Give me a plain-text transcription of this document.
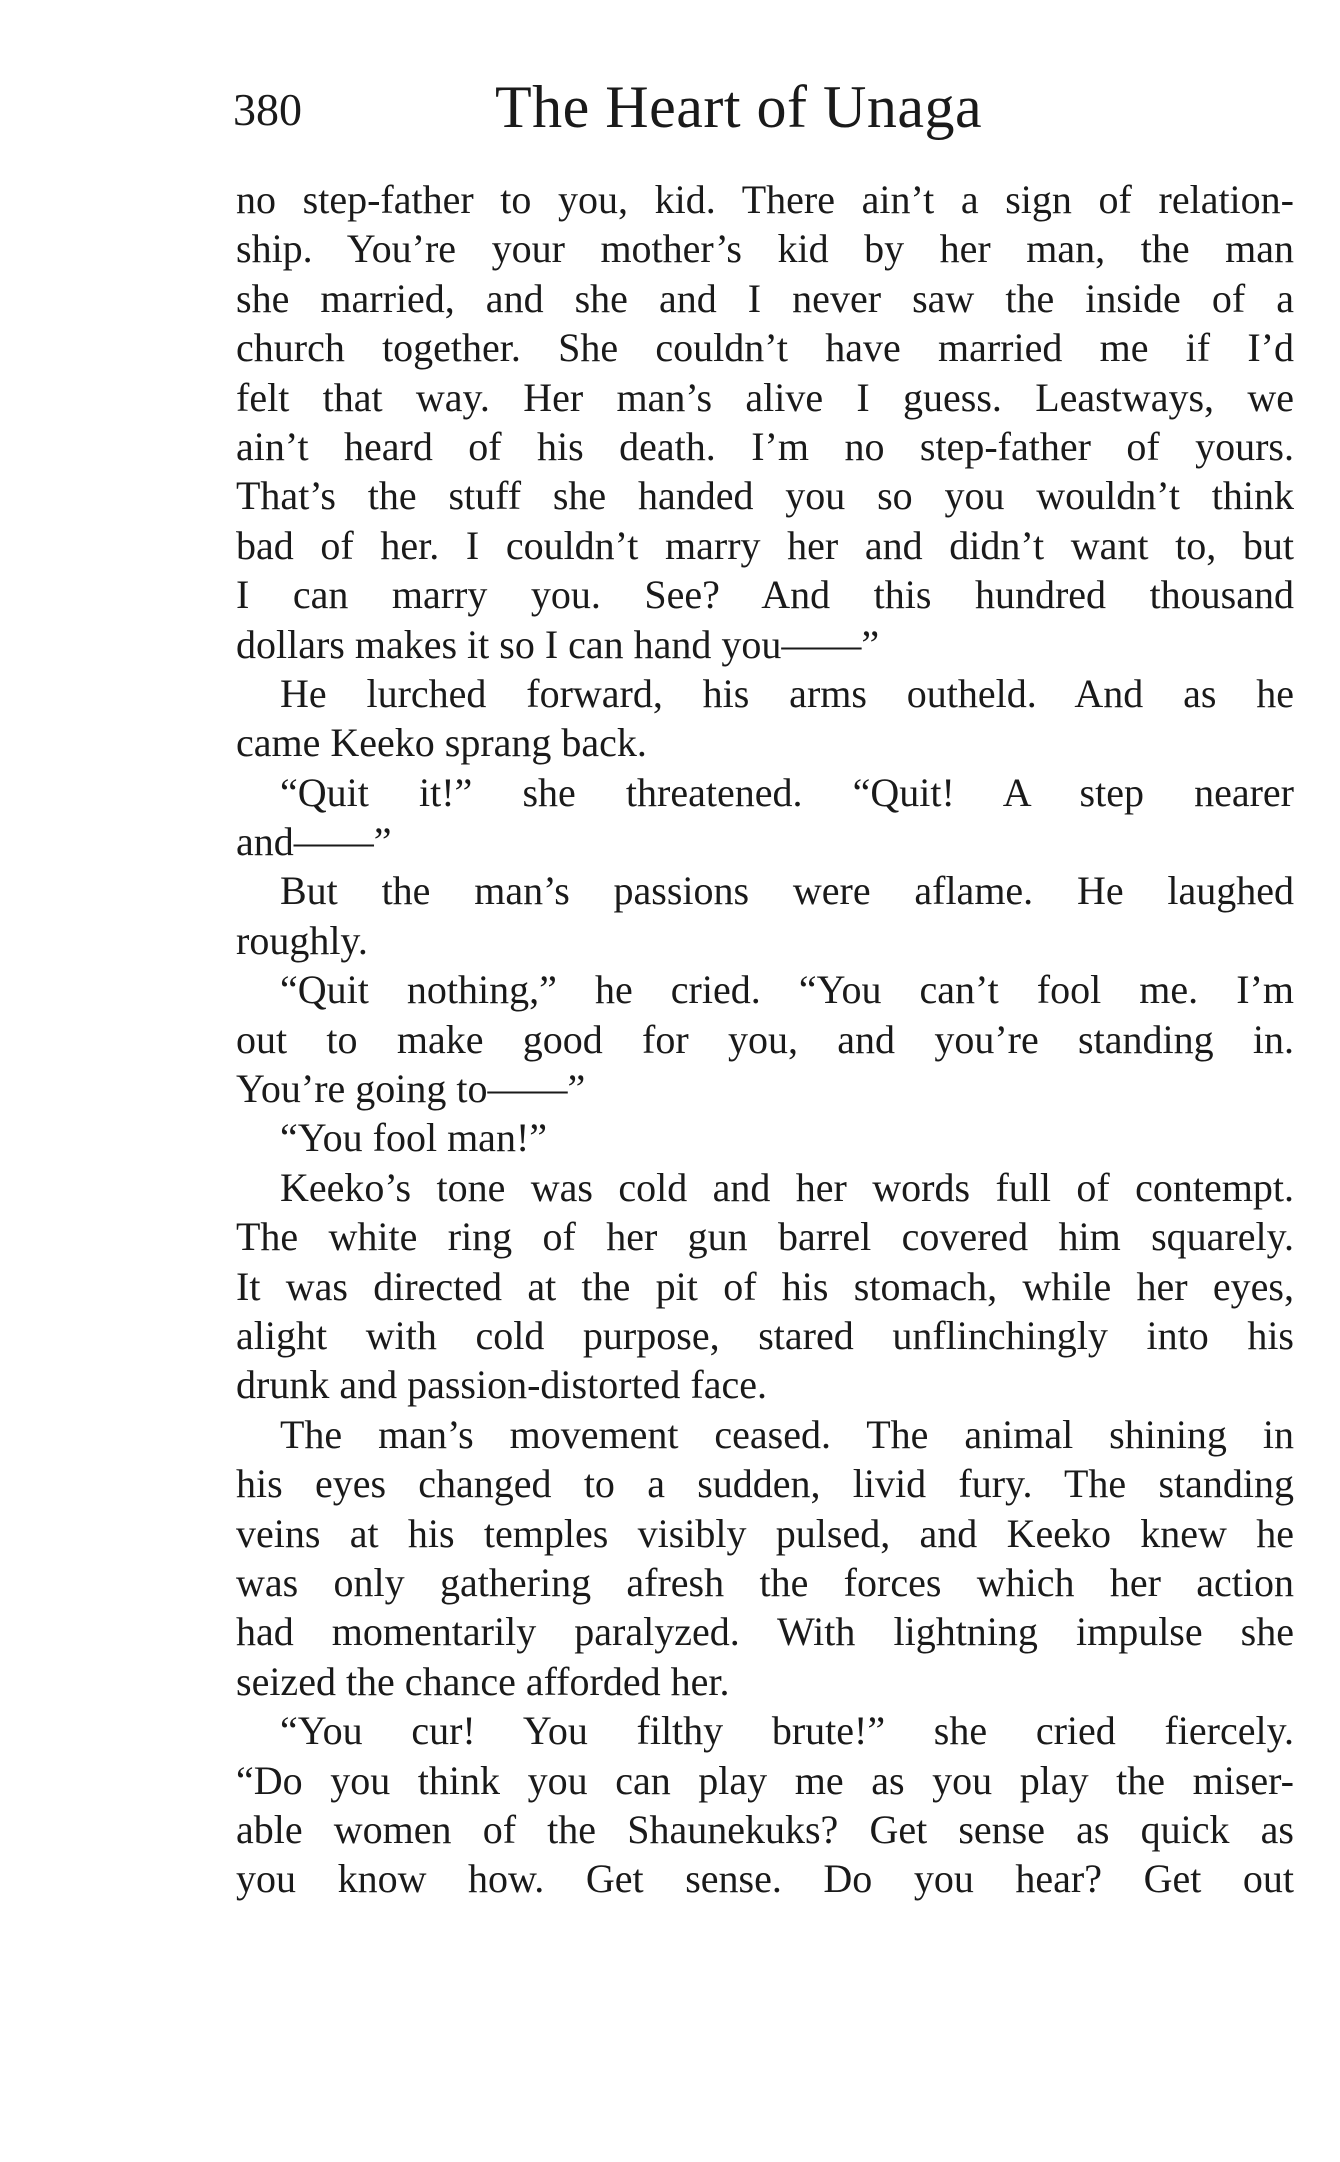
380	The Heart of Unaga
no step-father to you, kid. There ain’t a sign of relation-
ship. You’re your mother’s kid by her man, the man
she married, and she and I never saw the inside of a
church together. She couldn’t have married me if I’d
felt that way. Her man’s alive I guess. Leastways, we
ain’t heard of his death. I’m no step-father of yours.
That’s the stuff she handed you so you wouldn’t think
bad of her. I couldn’t marry her and didn’t want to, but
I can marry you. See? And this hundred thousand
dollars makes it so I can hand you——”
He lurched forward, his arms outheld. And as he
came Keeko sprang back.
“Quit it!” she threatened. “Quit! A step nearer
and——”
But the man’s passions were aflame. He laughed
roughly.
“Quit nothing,” he cried. “You can’t fool me. I’m
out to make good for you, and you’re standing in.
You’re going to——”
“You fool man!”
Keeko’s tone was cold and her words full of contempt.
The white ring of her gun barrel covered him squarely.
It was directed at the pit of his stomach, while her eyes,
alight with cold purpose, stared unflinchingly into his
drunk and passion-distorted face.
The man’s movement ceased. The animal shining in
his eyes changed to a sudden, livid fury. The standing
veins at his temples visibly pulsed, and Keeko knew he
was only gathering afresh the forces which her action
had momentarily paralyzed. With lightning impulse she
seized the chance afforded her.
“You cur! You filthy brute!” she cried fiercely.
“Do you think you can play me as you play the miser-
able women of the Shaunekuks? Get sense as quick as
you know how. Get sense. Do you hear? Get out
